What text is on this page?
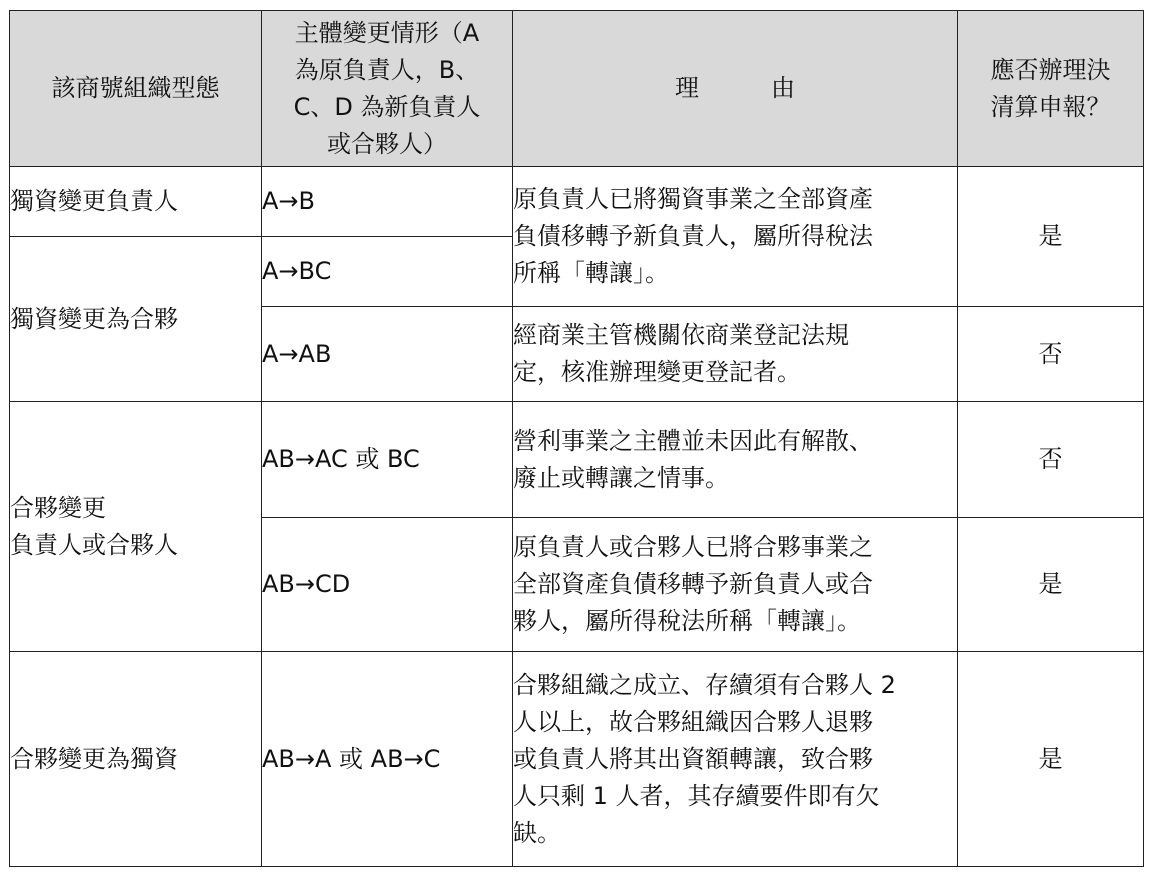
該商號組織型態	主體變更情形（A
為原負責人，B、
C、D 為新負責人
或合夥人）	理　　　由	應否辦理決
清算申報？

獨資變更負責人	A→B	原負責人已將獨資事業之全部資產
負債移轉予新負責人，屬所得稅法
所稱「轉讓」。	是
獨資變更為合夥	A→BC		
	A→AB	經商業主管機關依商業登記法規
定，核准辦理變更登記者。	否

合夥變更
負責人或合夥人	AB→AC 或 BC	營利事業之主體並未因此有解散、
廢止或轉讓之情事。	否
	AB→CD	原負責人或合夥人已將合夥事業之
全部資產負債移轉予新負責人或合
夥人，屬所得稅法所稱「轉讓」。	是
合夥變更為獨資	AB→A 或 AB→C	合夥組織之成立、存續須有合夥人 2
人以上，故合夥組織因合夥人退夥
或負責人將其出資額轉讓，致合夥
人只剩 1 人者，其存續要件即有欠
缺。	是
